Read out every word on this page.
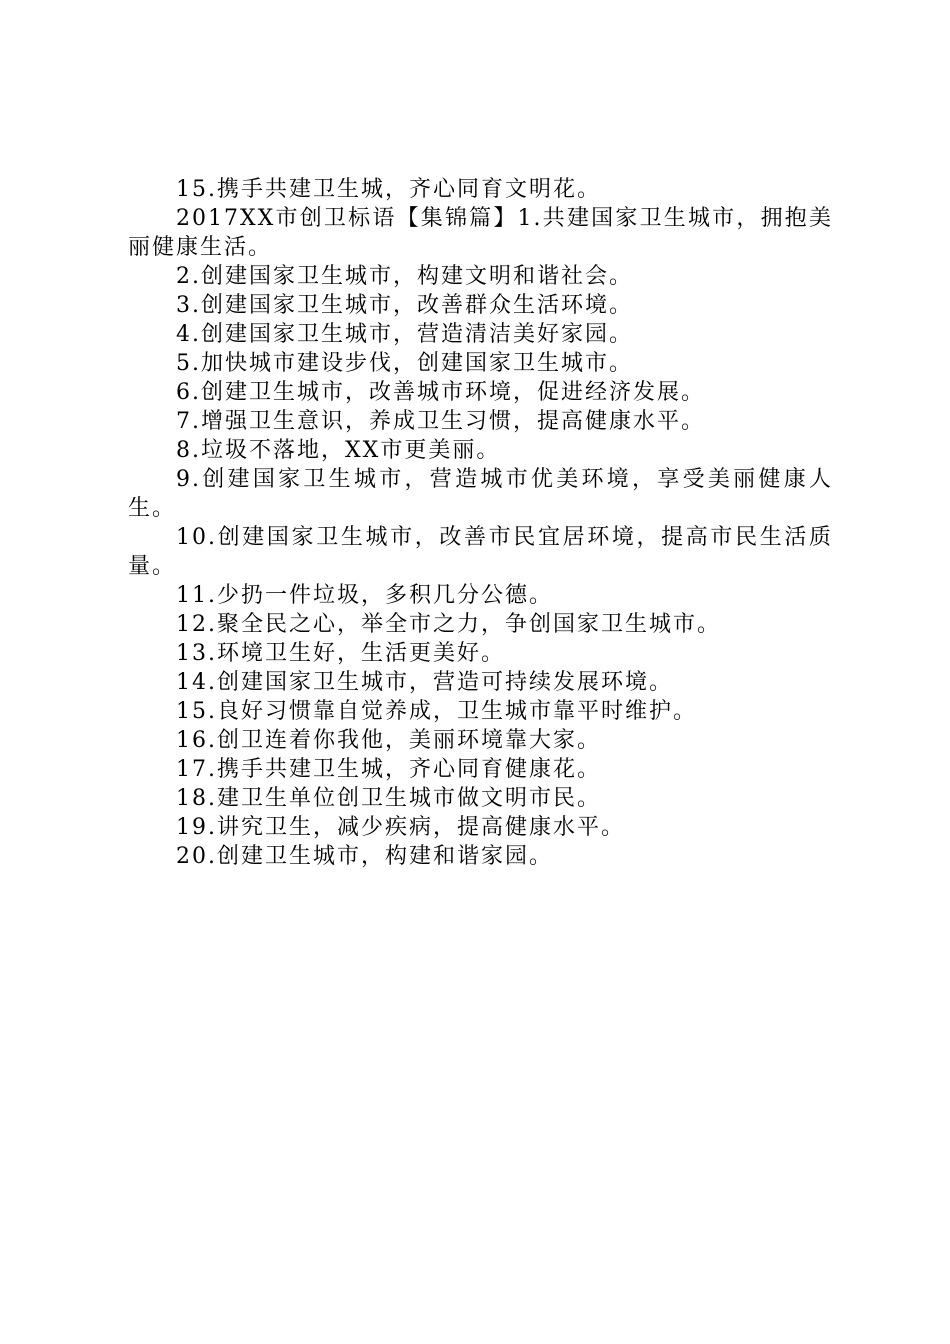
15.携手共建卫生城，齐心同育文明花。

2017XX市创卫标语【集锦篇】1.共建国家卫生城市，拥抱美丽健康生活。

2.创建国家卫生城市，构建文明和谐社会。

3.创建国家卫生城市，改善群众生活环境。

4.创建国家卫生城市，营造清洁美好家园。

5.加快城市建设步伐，创建国家卫生城市。

6.创建卫生城市，改善城市环境，促进经济发展。

7.增强卫生意识，养成卫生习惯，提高健康水平。

8.垃圾不落地，XX市更美丽。

9.创建国家卫生城市，营造城市优美环境，享受美丽健康人生。

10.创建国家卫生城市，改善市民宜居环境，提高市民生活质量。

11.少扔一件垃圾，多积几分公德。

12.聚全民之心，举全市之力，争创国家卫生城市。

13.环境卫生好，生活更美好。

14.创建国家卫生城市，营造可持续发展环境。

15.良好习惯靠自觉养成，卫生城市靠平时维护。

16.创卫连着你我他，美丽环境靠大家。

17.携手共建卫生城，齐心同育健康花。

18.建卫生单位创卫生城市做文明市民。

19.讲究卫生，减少疾病，提高健康水平。

20.创建卫生城市，构建和谐家园。
